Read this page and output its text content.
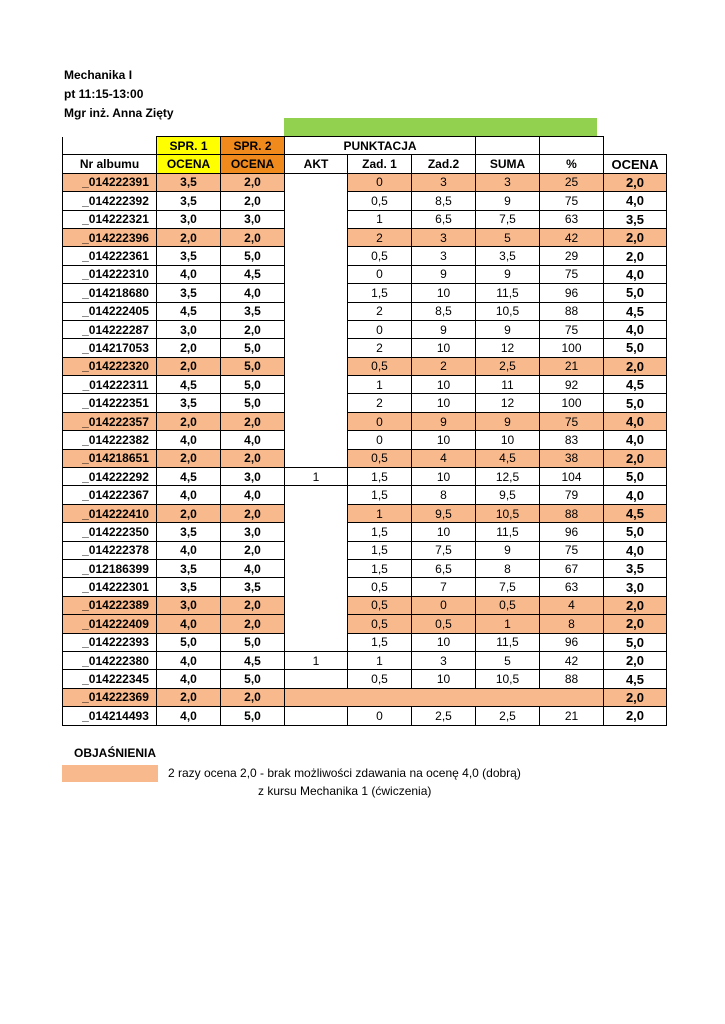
Mechanika I
pt 11:15-13:00
Mgr inż. Anna Zięty
	SPR. 1	SPR. 2	PUNKTACJA					
Nr albumu	OCENA	OCENA	AKT	Zad. 1	Zad.2	SUMA	%	OCENA
_014222391	3,5	2,0		0	3	3	25	2,0
_014222392	3,5	2,0		0,5	8,5	9	75	4,0
_014222321	3,0	3,0		1	6,5	7,5	63	3,5
_014222396	2,0	2,0		2	3	5	42	2,0
_014222361	3,5	5,0		0,5	3	3,5	29	2,0
_014222310	4,0	4,5		0	9	9	75	4,0
_014218680	3,5	4,0		1,5	10	11,5	96	5,0
_014222405	4,5	3,5		2	8,5	10,5	88	4,5
_014222287	3,0	2,0		0	9	9	75	4,0
_014217053	2,0	5,0		2	10	12	100	5,0
_014222320	2,0	5,0		0,5	2	2,5	21	2,0
_014222311	4,5	5,0		1	10	11	92	4,5
_014222351	3,5	5,0		2	10	12	100	5,0
_014222357	2,0	2,0		0	9	9	75	4,0
_014222382	4,0	4,0		0	10	10	83	4,0
_014218651	2,0	2,0		0,5	4	4,5	38	2,0
_014222292	4,5	3,0	1	1,5	10	12,5	104	5,0
_014222367	4,0	4,0		1,5	8	9,5	79	4,0
_014222410	2,0	2,0		1	9,5	10,5	88	4,5
_014222350	3,5	3,0		1,5	10	11,5	96	5,0
_014222378	4,0	2,0		1,5	7,5	9	75	4,0
_012186399	3,5	4,0		1,5	6,5	8	67	3,5
_014222301	3,5	3,5		0,5	7	7,5	63	3,0
_014222389	3,0	2,0		0,5	0	0,5	4	2,0
_014222409	4,0	2,0		0,5	0,5	1	8	2,0
_014222393	5,0	5,0		1,5	10	11,5	96	5,0
_014222380	4,0	4,5	1	1	3	5	42	2,0
_014222345	4,0	5,0		0,5	10	10,5	88	4,5
_014222369	2,0	2,0						2,0
_014214493	4,0	5,0		0	2,5	2,5	21	2,0
OBJAŚNIENIA
2 razy ocena 2,0 - brak możliwości zdawania na ocenę 4,0 (dobrą)
z kursu Mechanika 1 (ćwiczenia)
